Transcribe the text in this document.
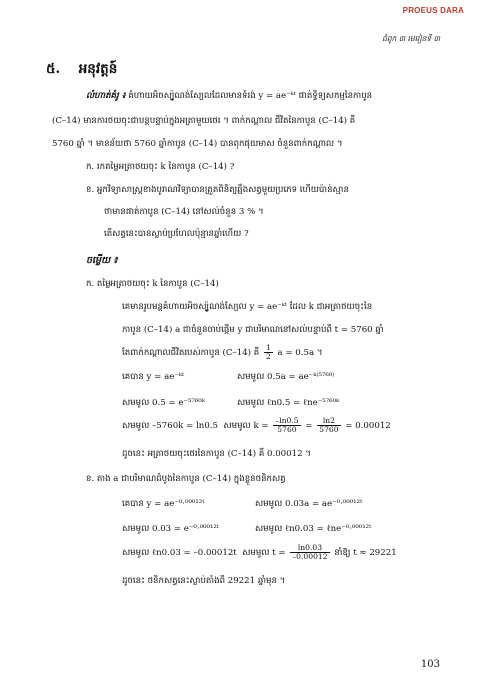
PROEUS DARA
ជំពូក ៣ មេរៀនទី ៣
៥. អនុវត្តន៍
លំហាត់គំរូ ៖ គំហាយអិចស្ប៉ូណង់ស្យែលដែលមានទំរង់ y = ae⁻ᵏᵗ ផាត់ទ្វិទ្យសកម្មនៃកាបូន
(C–14) មានការថយចុះជាបន្តបន្ទាប់ក្នុងអត្រាមួយថេរ ។ ពាក់កណ្ដាល ជីវិតនៃកាបូន (C–14) គឺ
5760 ឆ្នាំ ។ មានន័យថា 5760 ឆ្នាំកាបូន (C–14) បានពុកផុយមាស ចំនួនពាក់កណ្ដាល ។
ក. រកតម្លៃអត្រាថយចុះ k នៃកាបូន (C–14) ?
ខ. អ្នកវិទ្យាសាស្ត្រខាងបូរាណវិទ្យាបានត្រួតពិនិត្យឆ្អឹងសត្វមួយប្រភេទ ហើយប៉ាន់ស្មាន
ថាមានផាត់កាបូន (C–14) នៅសល់ចំនួន 3 % ។
តើសត្វនេះបានស្លាប់ប្រហែលប៉ុន្មានឆ្នាំហើយ ?
ចម្លើយ ៖
ក. តម្លៃអត្រាថយចុះ k នៃកាបូន (C–14)
គេមានរូបមន្តគំហាយអិចស្ប៉ូណង់ស្យែល y = ae⁻ᵏᵗ ដែល k ជាអត្រាថយចុះនៃ
កាបូន (C–14) a ជាចំនួនចាប់ផ្ដើម y ជាបរិមាណនៅសល់បន្ទាប់ពី t = 5760 ឆ្នាំ
តែពាក់កណ្ដាលជីវិតរបស់កាបូន (C–14) គឺ $\frac{1}{2}$ a = 0.5a ។
គេបាន y = ae⁻ᵏᵗ	សមមូល 0.5a = ae⁻ᵏ⁽⁵⁷⁶⁰⁾
សមមូល 0.5 = e⁻⁵⁷⁶⁰ᵏ	សមមូល ℓn0.5 = ℓne⁻⁵⁷⁶⁰ᵏ
សមមូល –5760k = ln0.5 សមមូល $k = \frac{-\ln 0.5}{5760} = \frac{\ln 2}{5760} = 0.00012$
ដូចនេះ អត្រាថយចុះថេរនៃកាបូន (C–14) គឺ 0.00012 ។
ខ. តាង a ជាបរិមាណដំបូងនៃកាបូន (C–14) ក្នុងខ្លួនថនិកសត្វ
គេបាន y = ae⁻⁰·⁰⁰⁰¹²ᵗ	សមមូល 0.03a = ae⁻⁰·⁰⁰⁰¹²ᵗ
សមមូល 0.03 = e⁻⁰·⁰⁰⁰¹²ᵗ	សមមូល ℓn0.03 = ℓne⁻⁰·⁰⁰⁰¹²ᵗ
សមមូល ℓn0.03 = –0.00012t សមមូល $t = \frac{\ln 0.03}{-0.00012}$ នាំឱ្យ t ≈ 29221
ដូចនេះ ថនិកសត្វនេះស្លាប់តាំងពី 29221 ឆ្នាំមុន ។
103
